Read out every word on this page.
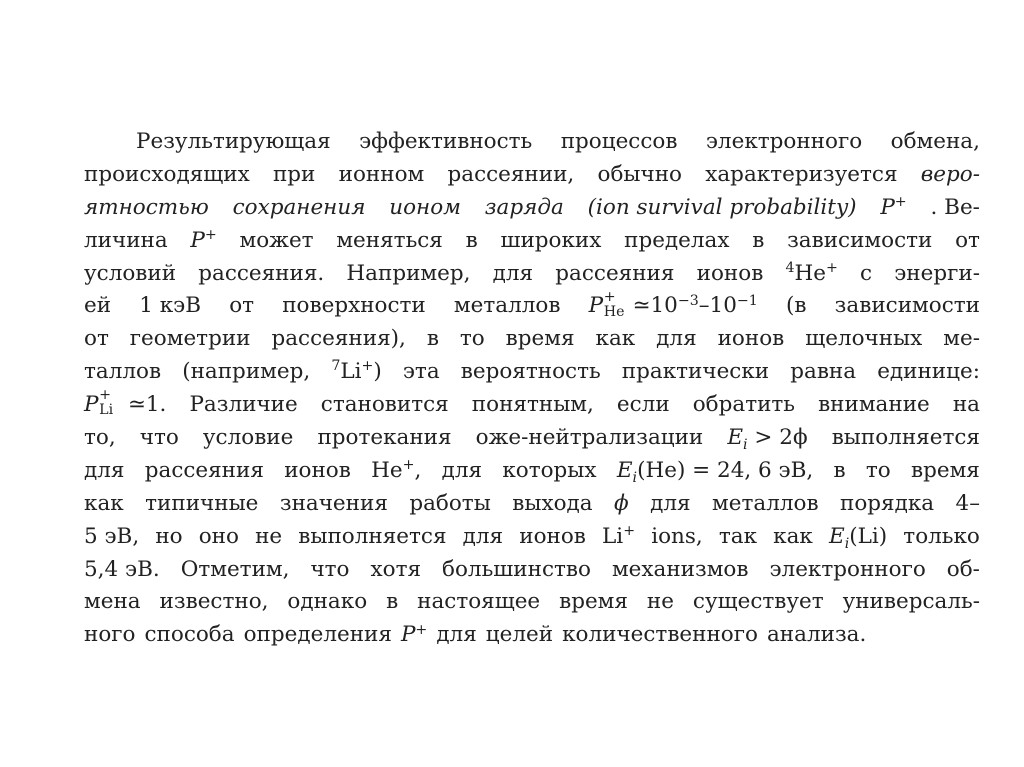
Результирующая эффективность процессов электронного обмена,
происходящих при ионном рассеянии, обычно характеризуется веро-
ятностью сохранения ионом заряда (ion survival probability) P+ . Ве-
личина P+ может меняться в широких пределах в зависимости от
условий рассеяния. Например, для рассеяния ионов $^4$He+ с энерги-
ей 1 кэВ от поверхности металлов P +
He $≃10^{-3}-10^{-1}$ (в зависимости
от геометрии рассеяния), в то время как для ионов щелочных ме-
таллов (например, $^7$Li+) эта вероятность практически равна единице:
P +
Li ≃1. Различие становится понятным, если обратить внимание на
то, что условие протекания оже-нейтрализации $E_i > 2\phi$ выполняется
для рассеяния ионов He+, для которых $E_i(He) = 24$, 6 эВ, в то время
как типичные значения работы выхода ϕ для металлов порядка 4–
5 эВ, но оно не выполняется для ионов Li+ ions, так как $E_i(Li)$ только
5,4 эВ. Отметим, что хотя большинство механизмов электронного об-
мена известно, однако в настоящее время не существует универсаль-
ного способа определения P+ для целей количественного анализа.
